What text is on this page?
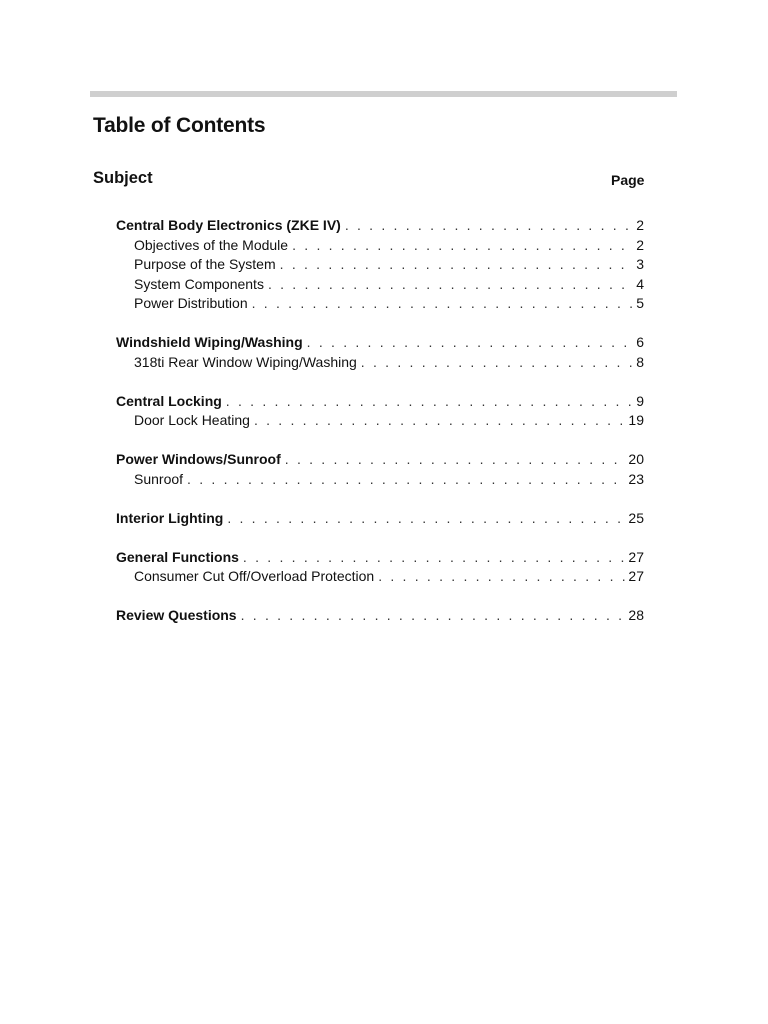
Table of Contents
Subject	Page
Central Body Electronics (ZKE IV) . . .	2
Objectives of the Module . . .	2
Purpose of the System . . .	3
System Components . . .	4
Power Distribution . . .	5
Windshield Wiping/Washing . . .	6
318ti Rear Window Wiping/Washing . . .	8
Central Locking . . .	9
Door Lock Heating . . .	19
Power Windows/Sunroof . . .	20
Sunroof . . .	23
Interior Lighting . . .	25
General Functions . . .	27
Consumer Cut Off/Overload Protection . . .	27
Review Questions . . .	28
